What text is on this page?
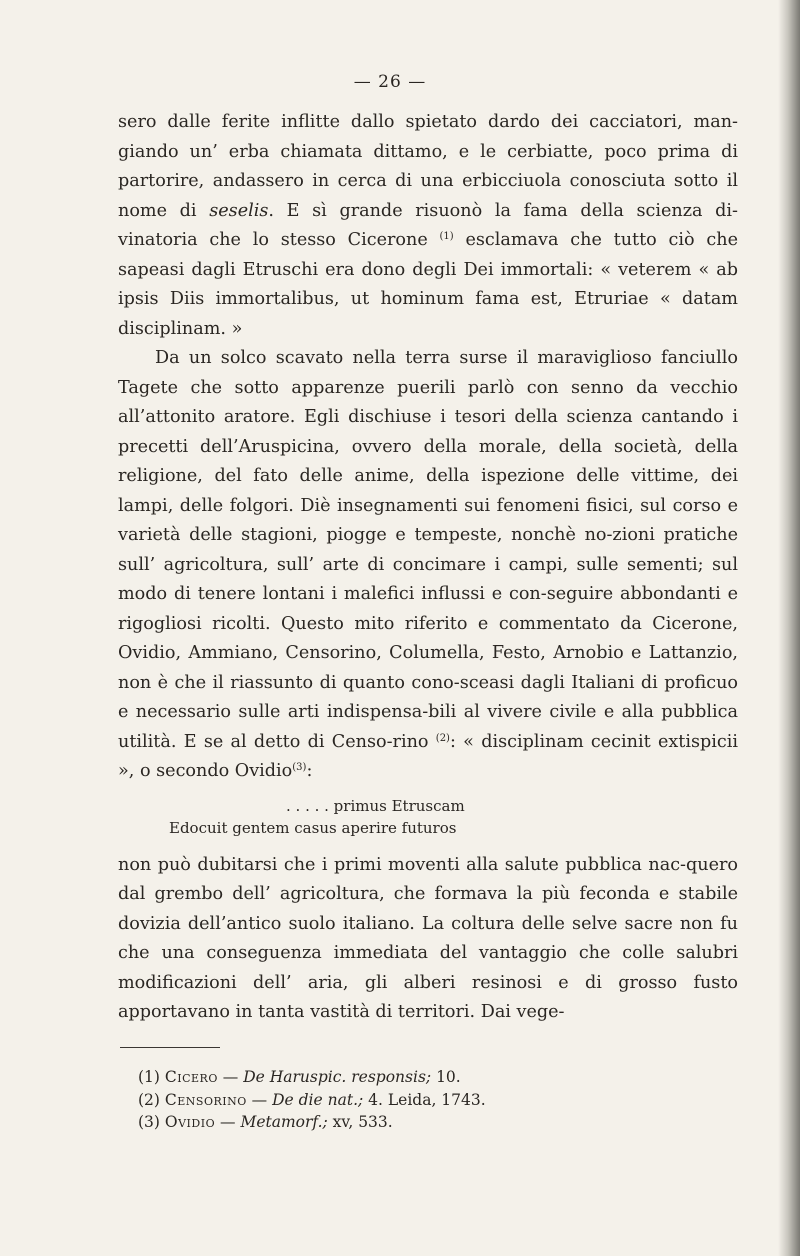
— 26 —

sero dalle ferite inflitte dallo spietato dardo dei cacciatori, man-giando un’ erba chiamata dittamo, e le cerbiatte, poco prima di partorire, andassero in cerca di una erbicciuola conosciuta sotto il nome di seselis. E sì grande risuonò la fama della scienza di-vinatoria che lo stesso Cicerone $^{(1)}$ esclamava che tutto ciò che sapeasi dagli Etruschi era dono degli Dei immortali: « veterem « ab ipsis Diis immortalibus, ut hominum fama est, Etruriae « datam disciplinam. »

Da un solco scavato nella terra surse il maraviglioso fanciullo Tagete che sotto apparenze puerili parlò con senno da vecchio all’attonito aratore. Egli dischiuse i tesori della scienza cantando i precetti dell’Aruspicina, ovvero della morale, della società, della religione, del fato delle anime, della ispezione delle vittime, dei lampi, delle folgori. Diè insegnamenti sui fenomeni fisici, sul corso e varietà delle stagioni, piogge e tempeste, nonchè no-zioni pratiche sull’ agricoltura, sull’ arte di concimare i campi, sulle sementi; sul modo di tenere lontani i malefici influssi e con-seguire abbondanti e rigogliosi ricolti. Questo mito riferito e commentato da Cicerone, Ovidio, Ammiano, Censorino, Columella, Festo, Arnobio e Lattanzio, non è che il riassunto di quanto cono-sceasi dagli Italiani di proficuo e necessario sulle arti indispensa-bili al vivere civile e alla pubblica utilità. E se al detto di Censo-rino $^{(2)}$: « disciplinam cecinit extispicii », o secondo Ovidio$^{(3)}$:

. . . . . primus Etruscam
Edocuit gentem casus aperire futuros

non può dubitarsi che i primi moventi alla salute pubblica nac-quero dal grembo dell’ agricoltura, che formava la più feconda e stabile dovizia dell’antico suolo italiano. La coltura delle selve sacre non fu che una conseguenza immediata del vantaggio che colle salubri modificazioni dell’ aria, gli alberi resinosi e di grosso fusto apportavano in tanta vastità di territori. Dai vege-

(1) Cicero — De Haruspic. responsis; 10.
(2) Censorino — De die nat.; 4. Leida, 1743.
(3) Ovidio — Metamorf.; xv, 533.
